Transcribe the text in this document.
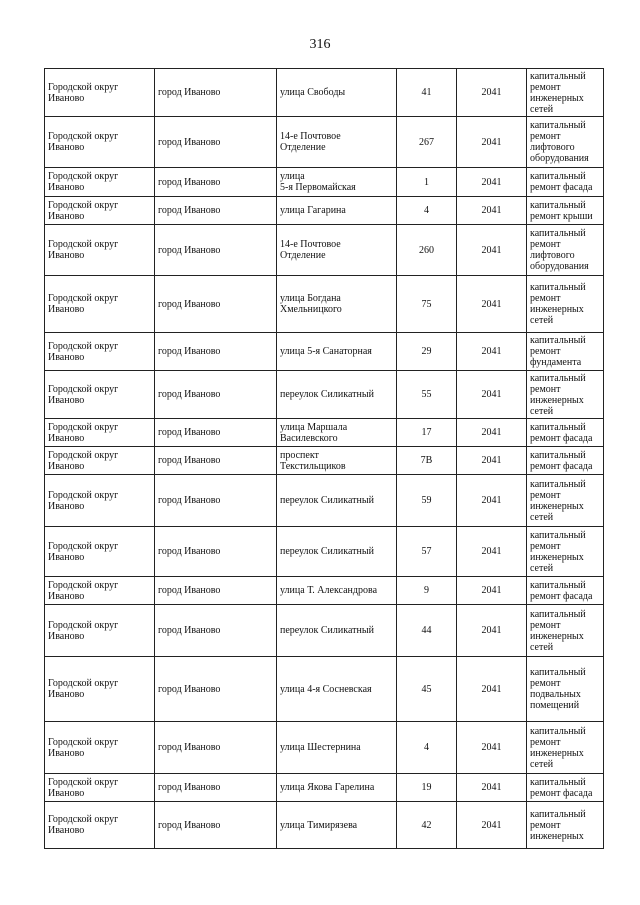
316
Городской округ
Иваново	город Иваново	улица Свободы	41	2041	капитальный
ремонт
инженерных
сетей

Городской округ
Иваново	город Иваново	14-е Почтовое
Отделение	267	2041	капитальный
ремонт
лифтового
оборудования

Городской округ
Иваново	город Иваново	улица
5-я Первомайская	1	2041	капитальный
ремонт фасада

Городской округ
Иваново	город Иваново	улица Гагарина	4	2041	капитальный
ремонт крыши

Городской округ
Иваново	город Иваново	14-е Почтовое
Отделение	260	2041	капитальный
ремонт
лифтового
оборудования

Городской округ
Иваново	город Иваново	улица Богдана
Хмельницкого	75	2041	капитальный
ремонт
инженерных
сетей

Городской округ
Иваново	город Иваново	улица 5-я Санаторная	29	2041	капитальный
ремонт
фундамента

Городской округ
Иваново	город Иваново	переулок Силикатный	55	2041	капитальный
ремонт
инженерных
сетей

Городской округ
Иваново	город Иваново	улица Маршала
Василевского	17	2041	капитальный
ремонт фасада

Городской округ
Иваново	город Иваново	проспект
Текстильщиков	7В	2041	капитальный
ремонт фасада

Городской округ
Иваново	город Иваново	переулок Силикатный	59	2041	капитальный
ремонт
инженерных
сетей

Городской округ
Иваново	город Иваново	переулок Силикатный	57	2041	капитальный
ремонт
инженерных
сетей

Городской округ
Иваново	город Иваново	улица Т. Александрова	9	2041	капитальный
ремонт фасада

Городской округ
Иваново	город Иваново	переулок Силикатный	44	2041	капитальный
ремонт
инженерных
сетей

Городской округ
Иваново	город Иваново	улица 4-я Сосневская	45	2041	капитальный
ремонт
подвальных
помещений

Городской округ
Иваново	город Иваново	улица Шестернина	4	2041	капитальный
ремонт
инженерных
сетей

Городской округ
Иваново	город Иваново	улица Якова Гарелина	19	2041	капитальный
ремонт фасада

Городской округ
Иваново	город Иваново	улица Тимирязева	42	2041	капитальный
ремонт
инженерных
